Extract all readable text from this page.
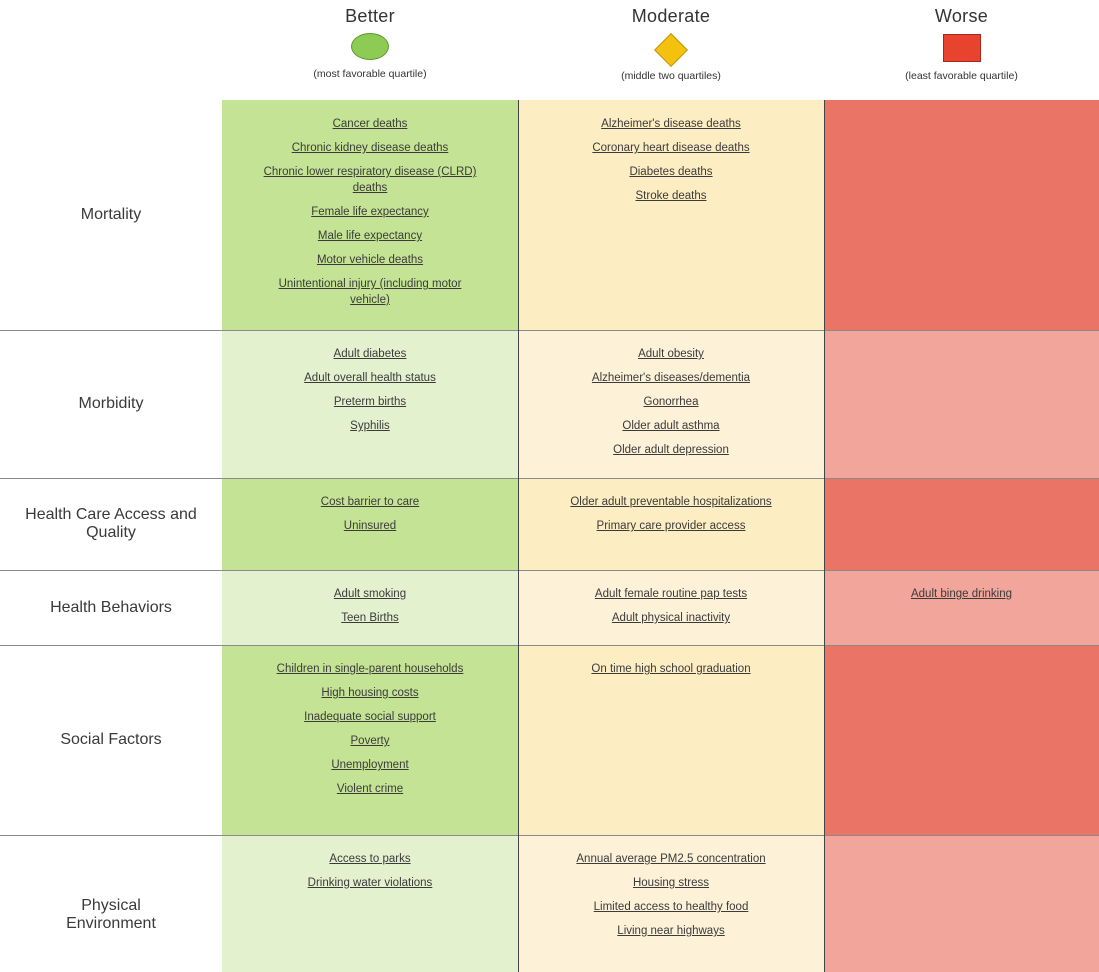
Better
(most favorable quartile)
Moderate
(middle two quartiles)
Worse
(least favorable quartile)
Mortality
Cancer deaths
Chronic kidney disease deaths
Chronic lower respiratory disease (CLRD) deaths
Female life expectancy
Male life expectancy
Motor vehicle deaths
Unintentional injury (including motor vehicle)
Alzheimer's disease deaths
Coronary heart disease deaths
Diabetes deaths
Stroke deaths
Morbidity
Adult diabetes
Adult overall health status
Preterm births
Syphilis
Adult obesity
Alzheimer's diseases/dementia
Gonorrhea
Older adult asthma
Older adult depression
Health Care Access and Quality
Cost barrier to care
Uninsured
Older adult preventable hospitalizations
Primary care provider access
Health Behaviors
Adult smoking
Teen Births
Adult female routine pap tests
Adult physical inactivity
Adult binge drinking
Social Factors
Children in single-parent households
High housing costs
Inadequate social support
Poverty
Unemployment
Violent crime
On time high school graduation
Physical Environment
Access to parks
Drinking water violations
Annual average PM2.5 concentration
Housing stress
Limited access to healthy food
Living near highways
